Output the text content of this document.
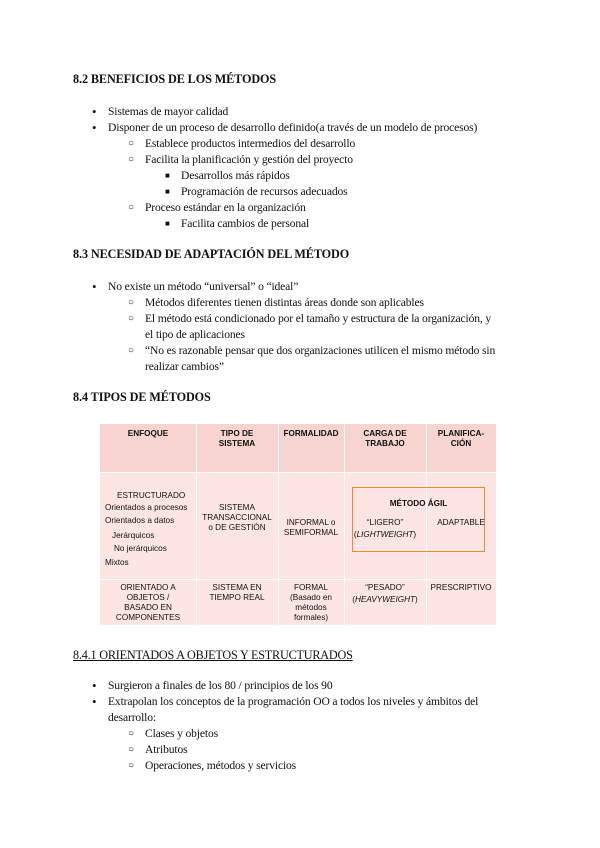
8.2 BENEFICIOS DE LOS MÉTODOS
• Sistemas de mayor calidad
• Disponer de un proceso de desarrollo definido(a través de un modelo de procesos)
○ Establece productos intermedios del desarrollo
○ Facilita la planificación y gestión del proyecto
■ Desarrollos más rápidos
■ Programación de recursos adecuados
○ Proceso estándar en la organización
■ Facilita cambios de personal
8.3 NECESIDAD DE ADAPTACIÓN DEL MÉTODO
• No existe un método “universal” o “ideal”
○ Métodos diferentes tienen distintas áreas donde son aplicables
○ El método está condicionado por el tamaño y estructura de la organización, y
el tipo de aplicaciones
○ “No es razonable pensar que dos organizaciones utilicen el mismo método sin
realizar cambios”
8.4 TIPOS DE MÉTODOS
ENFOQUE	TIPO DE
SISTEMA
FORMALIDAD	CARGA DE
TRABAJO
PLANIFICA-
CIÓN
ESTRUCTURADO
Orientados a procesos
Orientados a datos
Jerárquicos
No jerárquicos
Mixtos
SISTEMA
TRANSACCIONAL
o DE GESTIÓN
INFORMAL o
SEMIFORMAL
MÉTODO ÁGIL
“LIGERO”
(LIGHTWEIGHT)
ADAPTABLE
ORIENTADO A
OBJETOS /
BASADO EN
COMPONENTES
SISTEMA EN
TIEMPO REAL
FORMAL
(Basado en
métodos
formales)
“PESADO”
(HEAVYWEIGHT)
PRESCRIPTIVO
8.4.1 ORIENTADOS A OBJETOS Y ESTRUCTURADOS
• Surgieron a finales de los 80 / principios de los 90
• Extrapolan los conceptos de la programación OO a todos los niveles y ámbitos del
desarrollo:
○ Clases y objetos
○ Atributos
○ Operaciones, métodos y servicios
